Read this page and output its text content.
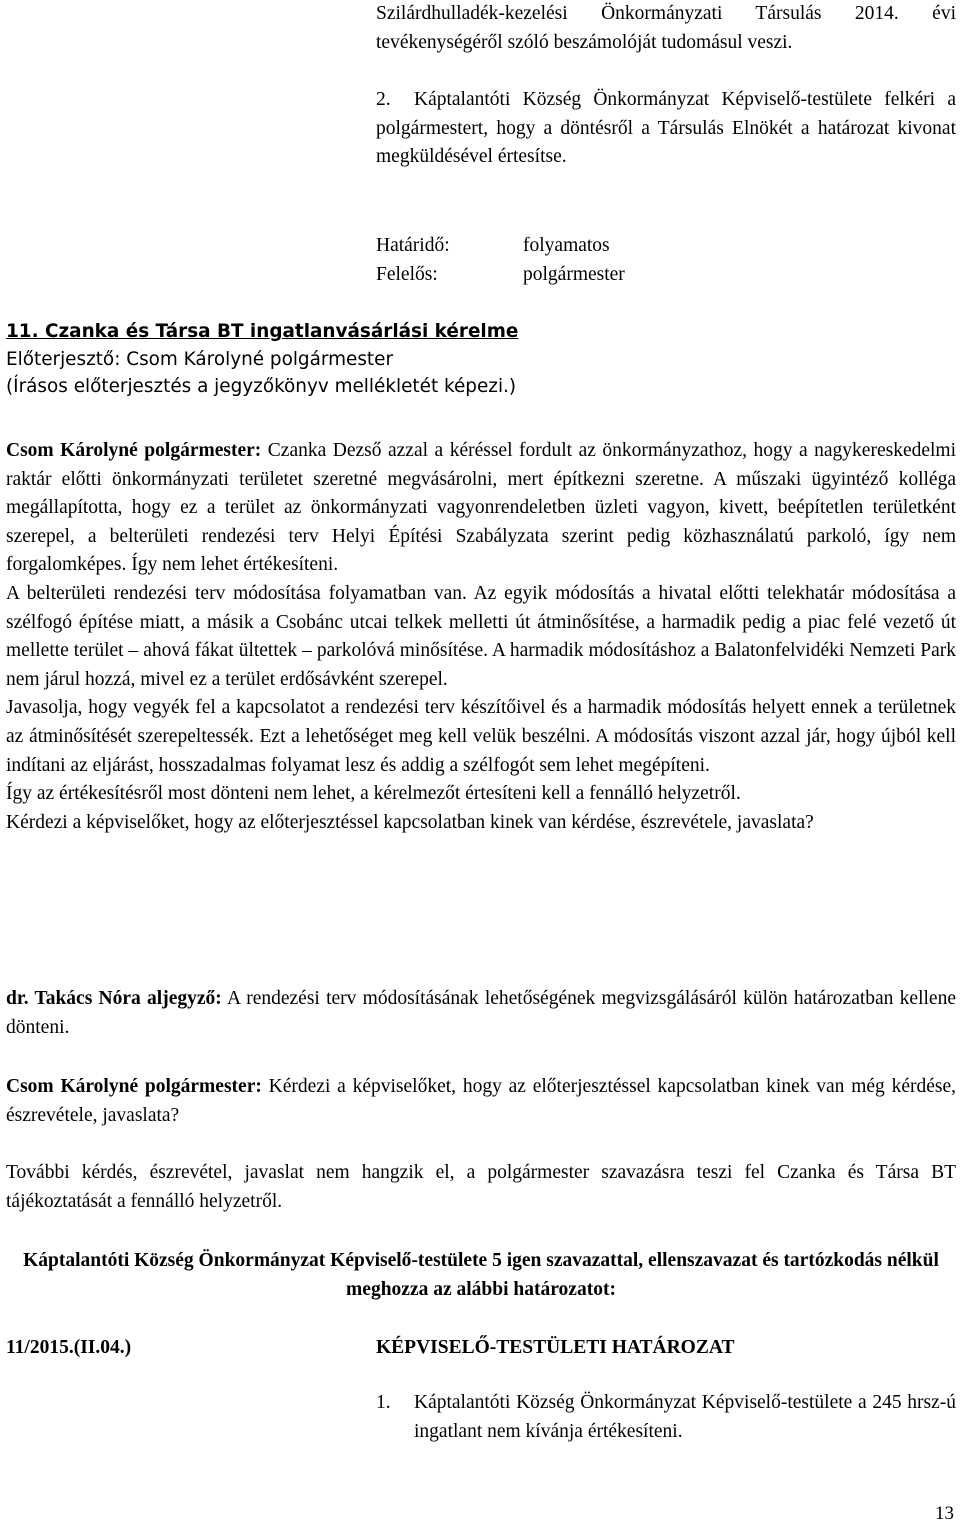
Szilárdhulladék-kezelési Önkormányzati Társulás 2014. évi tevékenységéről szóló beszámolóját tudomásul veszi.

2.	Káptalantóti Község Önkormányzat Képviselő-testülete felkéri a polgármestert, hogy a döntésről a Társulás Elnökét a határozat kivonat megküldésével értesítse.
Határidő:	folyamatos
Felelős:	polgármester
11. Czanka és Társa BT ingatlanvásárlási kérelme
Előterjesztő: Csom Károlyné polgármester
(Írásos előterjesztés a jegyzőkönyv mellékletét képezi.)

Csom Károlyné polgármester: Czanka Dezső azzal a kéréssel fordult az önkormányzathoz, hogy a nagykereskedelmi raktár előtti önkormányzati területet szeretné megvásárolni, mert építkezni szeretne. A műszaki ügyintéző kolléga megállapította, hogy ez a terület az önkormányzati vagyonrendeletben üzleti vagyon, kivett, beépítetlen területként szerepel, a belterületi rendezési terv Helyi Építési Szabályzata szerint pedig közhasználatú parkoló, így nem forgalomképes. Így nem lehet értékesíteni.

A belterületi rendezési terv módosítása folyamatban van. Az egyik módosítás a hivatal előtti telekhatár módosítása a szélfogó építése miatt, a másik a Csobánc utcai telkek melletti út átminősítése, a harmadik pedig a piac felé vezető út mellette terület – ahová fákat ültettek – parkolóvá minősítése. A harmadik módosításhoz a Balatonfelvidéki Nemzeti Park nem járul hozzá, mivel ez a terület erdősávként szerepel.

Javasolja, hogy vegyék fel a kapcsolatot a rendezési terv készítőivel és a harmadik módosítás helyett ennek a területnek az átminősítését szerepeltessék. Ezt a lehetőséget meg kell velük beszélni. A módosítás viszont azzal jár, hogy újból kell indítani az eljárást, hosszadalmas folyamat lesz és addig a szélfogót sem lehet megépíteni.

Így az értékesítésről most dönteni nem lehet, a kérelmezőt értesíteni kell a fennálló helyzetről.

Kérdezi a képviselőket, hogy az előterjesztéssel kapcsolatban kinek van kérdése, észrevétele, javaslata?

dr. Takács Nóra aljegyző: A rendezési terv módosításának lehetőségének megvizsgálásáról külön határozatban kellene dönteni.

Csom Károlyné polgármester: Kérdezi a képviselőket, hogy az előterjesztéssel kapcsolatban kinek van még kérdése, észrevétele, javaslata?

További kérdés, észrevétel, javaslat nem hangzik el, a polgármester szavazásra teszi fel Czanka és Társa BT tájékoztatását a fennálló helyzetről.

Káptalantóti Község Önkormányzat Képviselő-testülete 5 igen szavazattal, ellenszavazat és tartózkodás nélkül meghozza az alábbi határozatot:

11/2015.(II.04.)	KÉPVISELŐ-TESTÜLETI HATÁROZAT
1. Káptalantóti Község Önkormányzat Képviselő-testülete a 245 hrsz-ú ingatlant nem kívánja értékesíteni.
13
